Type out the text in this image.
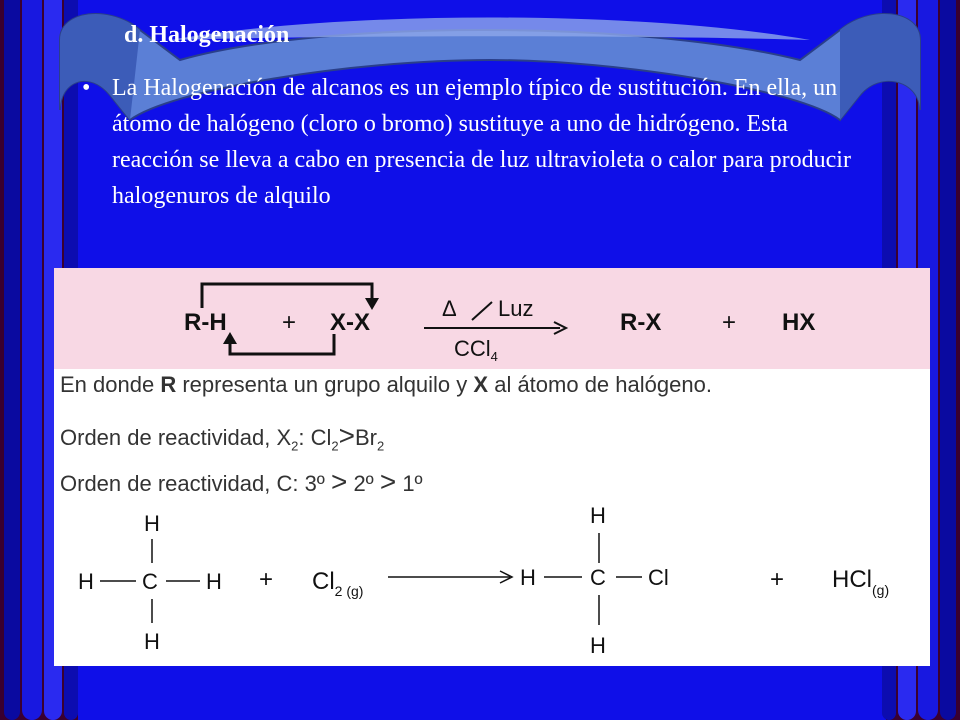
d. Halogenación
• La Halogenación de alcanos es un ejemplo típico de sustitución. En ella, un átomo de halógeno (cloro o bromo) sustituye a uno de hidrógeno. Esta reacción se lleva a cabo en presencia de luz ultravioleta o calor para producir halogenuros de alquilo

R-H + X-X
Δ Luz
CCl$_4$
R-X	+ HX
En donde R representa un grupo alquilo y X al átomo de halógeno.
Orden de reactividad, $X_2$: $Cl_2>Br_2$
Orden de reactividad, C: 3º > 2º > 1º
H
H C H
H
+ $Cl_{2 (g)}$
H
H C Cl
H
+ HCl$_{(g)}$
